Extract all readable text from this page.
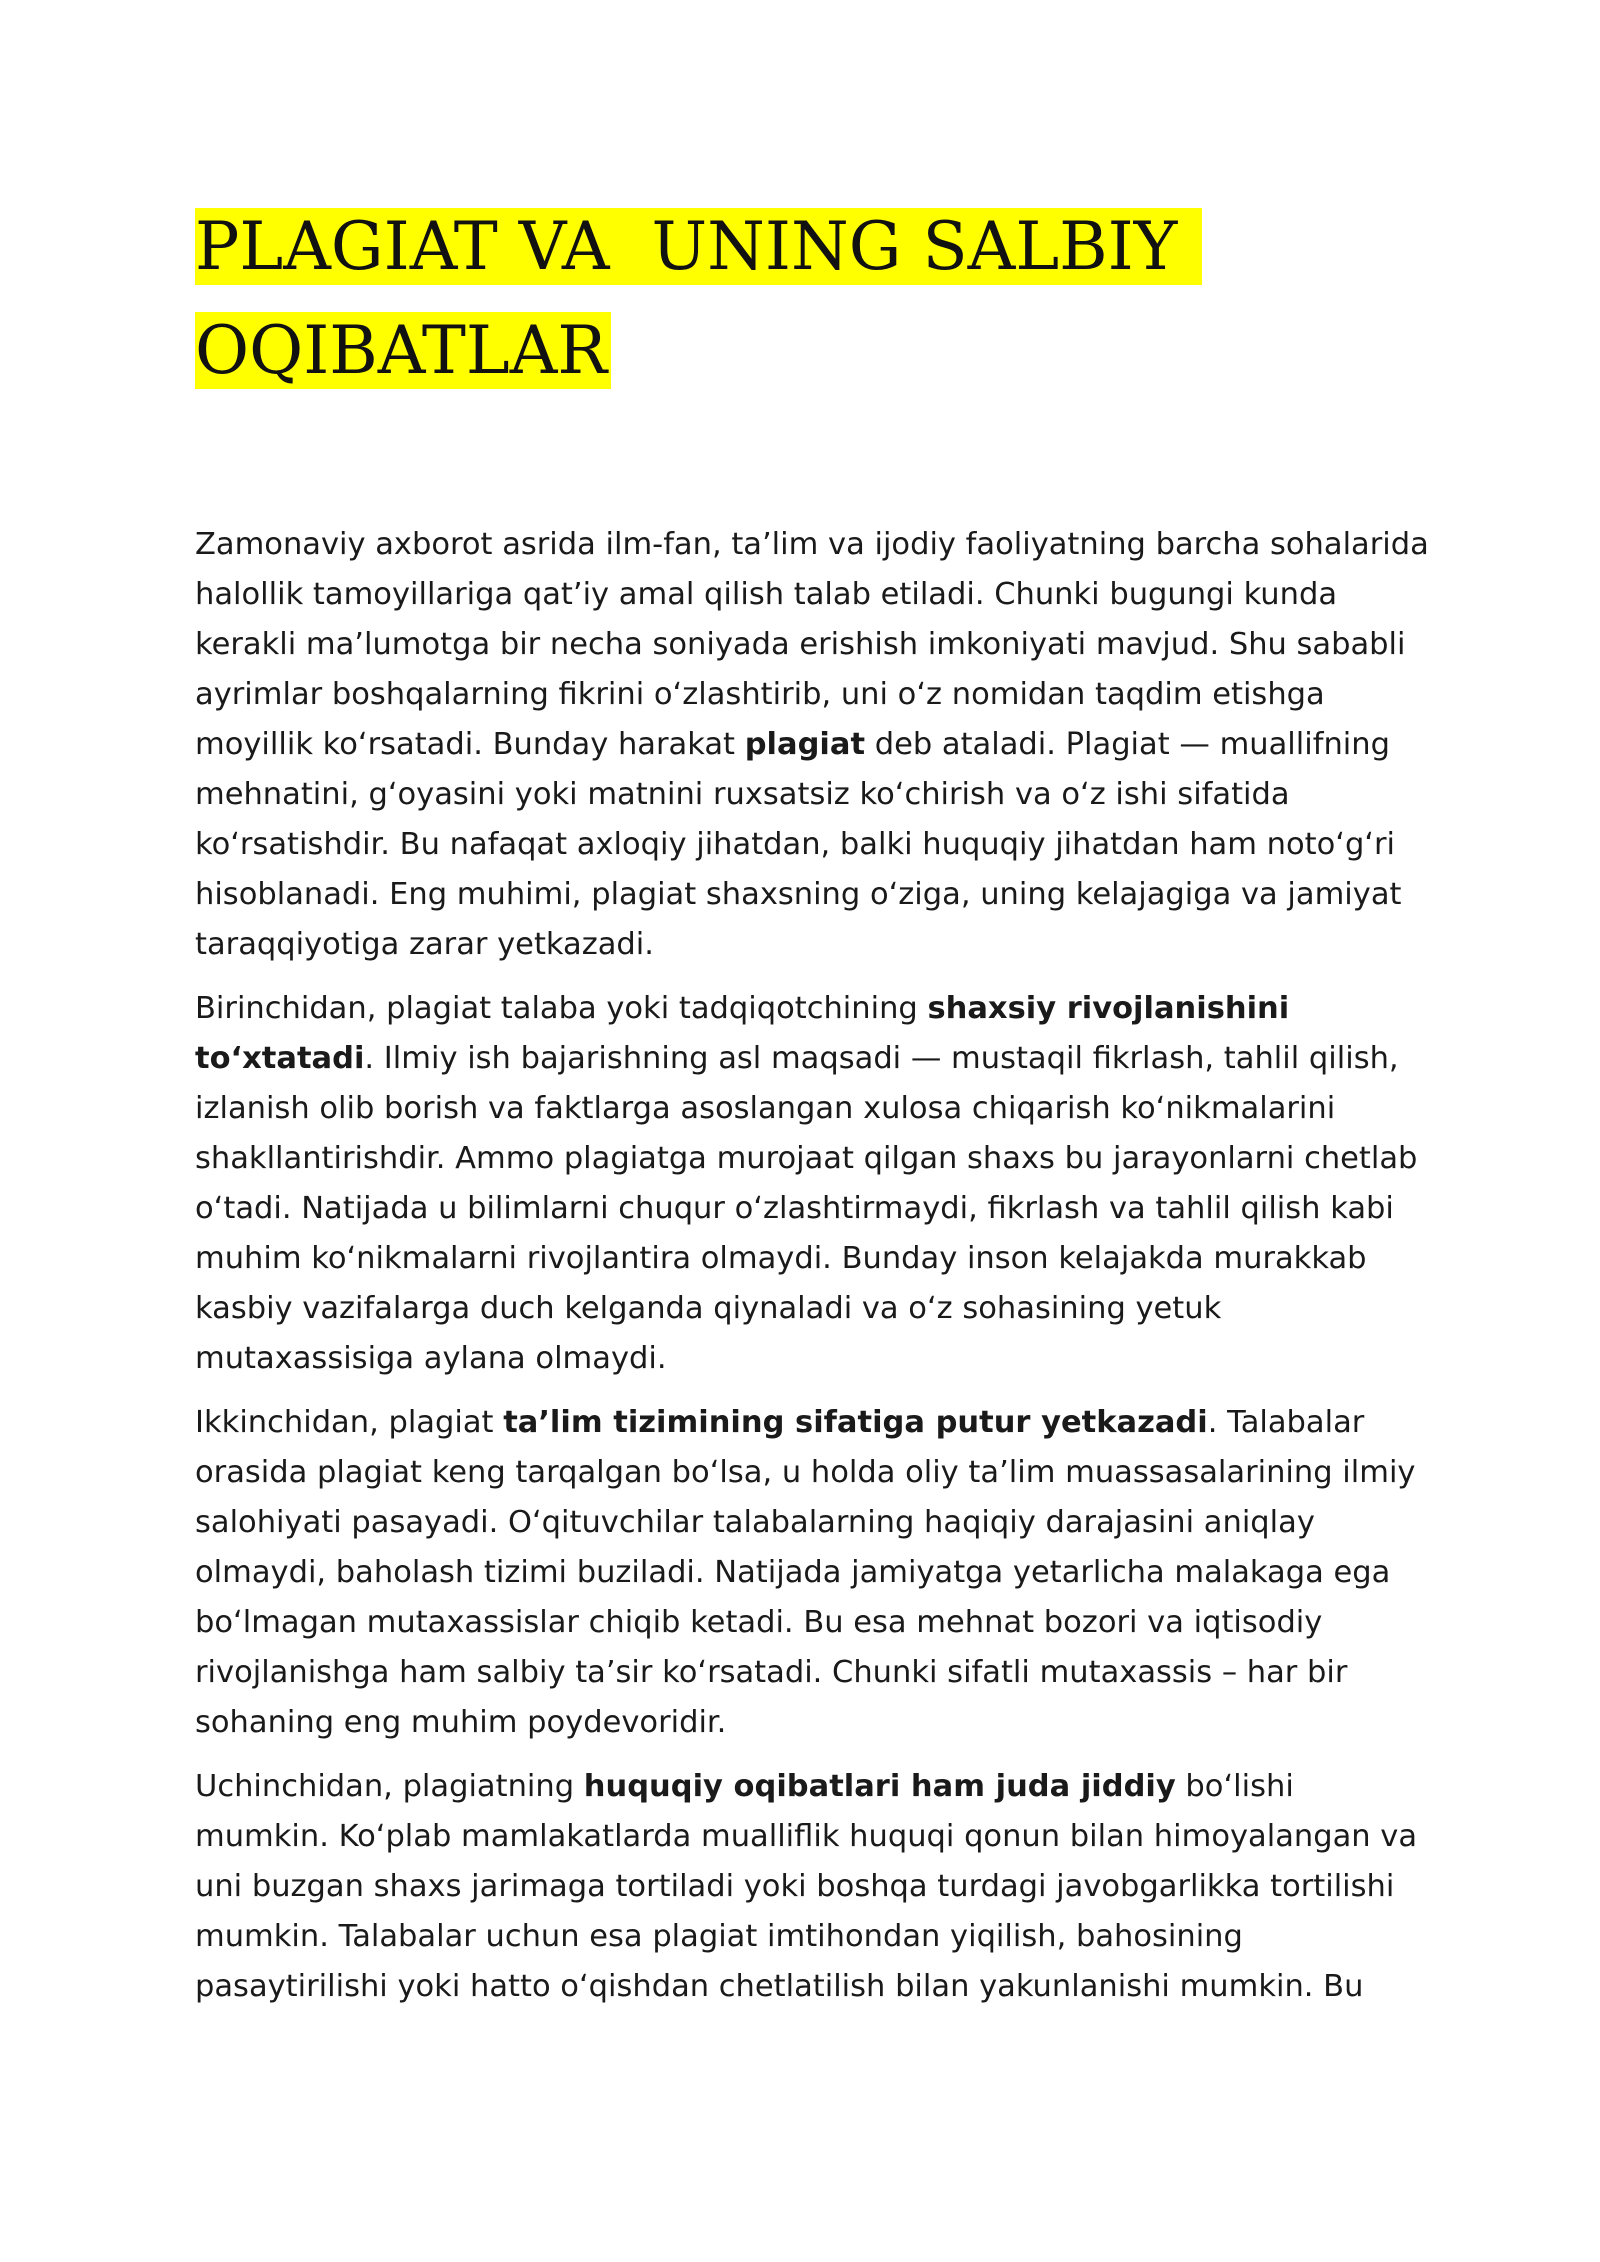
PLAGIAT VA  UNING SALBIY OQIBATLAR

Zamonaviy axborot asrida ilm-fan, ta’lim va ijodiy faoliyatning barcha sohalarida halollik tamoyillariga qat’iy amal qilish talab etiladi. Chunki bugungi kunda kerakli ma’lumotga bir necha soniyada erishish imkoniyati mavjud. Shu sababli ayrimlar boshqalarning fikrini oʻzlashtirib, uni oʻz nomidan taqdim etishga moyillik koʻrsatadi. Bunday harakat plagiat deb ataladi. Plagiat — muallifning mehnatini, gʻoyasini yoki matnini ruxsatsiz koʻchirish va oʻz ishi sifatida koʻrsatishdir. Bu nafaqat axloqiy jihatdan, balki huquqiy jihatdan ham notoʻgʻri hisoblanadi. Eng muhimi, plagiat shaxsning oʻziga, uning kelajagiga va jamiyat taraqqiyotiga zarar yetkazadi.

Birinchidan, plagiat talaba yoki tadqiqotchining shaxsiy rivojlanishini toʻxtatadi. Ilmiy ish bajarishning asl maqsadi — mustaqil fikrlash, tahlil qilish, izlanish olib borish va faktlarga asoslangan xulosa chiqarish koʻnikmalarini shakllantirishdir. Ammo plagiatga murojaat qilgan shaxs bu jarayonlarni chetlab oʻtadi. Natijada u bilimlarni chuqur oʻzlashtirmaydi, fikrlash va tahlil qilish kabi muhim koʻnikmalarni rivojlantira olmaydi. Bunday inson kelajakda murakkab kasbiy vazifalarga duch kelganda qiynaladi va oʻz sohasining yetuk mutaxassisiga aylana olmaydi.

Ikkinchidan, plagiat ta’lim tizimining sifatiga putur yetkazadi. Talabalar orasida plagiat keng tarqalgan boʻlsa, u holda oliy ta’lim muassasalarining ilmiy salohiyati pasayadi. Oʻqituvchilar talabalarning haqiqiy darajasini aniqlay olmaydi, baholash tizimi buziladi. Natijada jamiyatga yetarlicha malakaga ega boʻlmagan mutaxassislar chiqib ketadi. Bu esa mehnat bozori va iqtisodiy rivojlanishga ham salbiy ta’sir koʻrsatadi. Chunki sifatli mutaxassis – har bir sohaning eng muhim poydevoridir.

Uchinchidan, plagiatning huquqiy oqibatlari ham juda jiddiy boʻlishi mumkin. Koʻplab mamlakatlarda mualliflik huquqi qonun bilan himoyalangan va uni buzgan shaxs jarimaga tortiladi yoki boshqa turdagi javobgarlikka tortilishi mumkin. Talabalar uchun esa plagiat imtihondan yiqilish, bahosining pasaytirilishi yoki hatto oʻqishdan chetlatilish bilan yakunlanishi mumkin. Bu
